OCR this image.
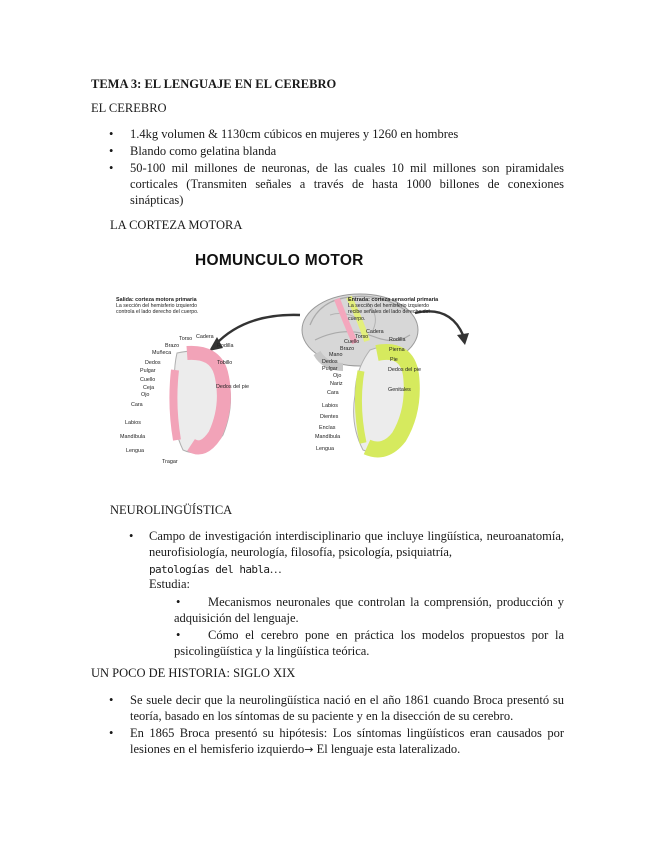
TEMA 3: EL LENGUAJE EN EL CEREBRO
EL CEREBRO
• 1.4kg volumen & 1130cm cúbicos en mujeres y 1260 en hombres
• Blando como gelatina blanda
• 50-100 mil millones de neuronas, de las cuales 10 mil millones son piramidales corticales (Transmiten señales a través de hasta 1000 billones de conexiones sinápticas)
LA CORTEZA MOTORA
HOMUNCULO MOTOR
Salida: corteza motora primaria
La sección del hemisferio izquierdo controla el lado derecho del cuerpo.
Entrada: corteza sensorial primaria
La sección del hemisferio izquierdo recibe señales del lado derecho del cuerpo.
Torso Cadera
Brazo	Rodilla
Muñeca
Dedos
Pulgar
Tobillo
Cuello
Ceja
Ojo
Dedos del pie
Cara
Labios
Mandíbula
Lengua
Tragar
Cadera
Torso
Cuello	Rodilla
Brazo	Pierna
Mano
Pie
Dedos
Dedos del pie
Pulgar
Ojo
Nariz
Genitales
Cara
Labios
Dientes
Encías
Mandíbula
Lengua
NEUROLINGÜÍSTICA
• Campo de investigación interdisciplinario que incluye lingüística, neuroanatomía, neurofisiología, neurología, filosofía, psicología, psiquiatría,
patologías del habla…
Estudia:
• Mecanismos neuronales que controlan la comprensión, producción y adquisición del lenguaje.
• Cómo el cerebro pone en práctica los modelos propuestos por la psicolingüística y la lingüística teórica.
UN POCO DE HISTORIA: SIGLO XIX
• Se suele decir que la neurolingüística nació en el año 1861 cuando Broca presentó su teoría, basado en los síntomas de su paciente y en la disección de su cerebro.
• En 1865 Broca presentó su hipótesis: Los síntomas lingüísticos eran causados por lesiones en el hemisferio izquierdo→ El lenguaje esta lateralizado.
